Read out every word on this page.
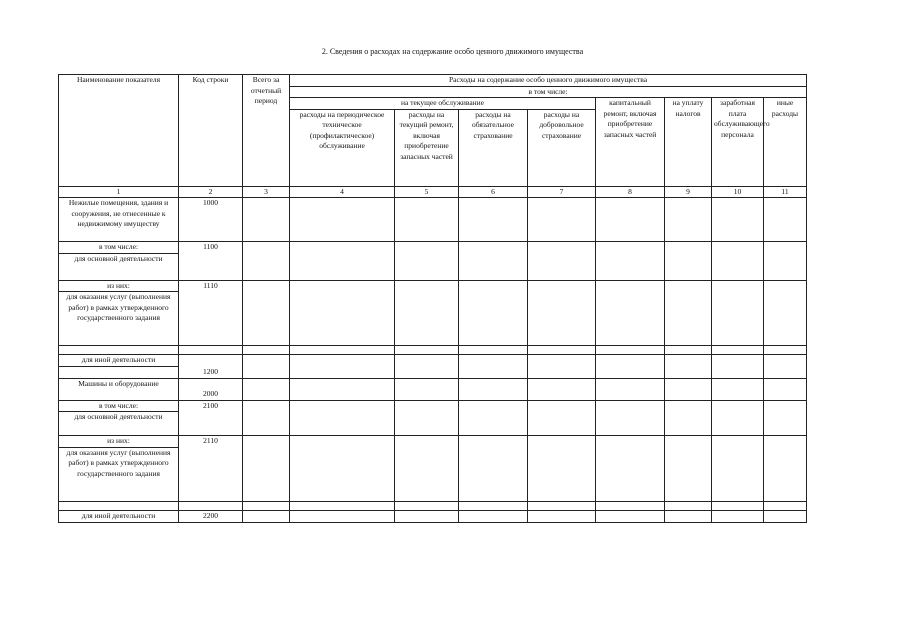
2. Сведения о расходах на содержание особо ценного движимого имущества
Наименование показателя	Код строки	Всего за отчетный период	Расходы на содержание особо ценного движимого имущества							
			в том числе:							
			на текущее обслуживание				капитальный ремонт, включая приобретение запасных частей	на уплату налогов	заработная плата обслуживающего персонала	иные расходы
			расходы на периодическое техническое (профилактическое) обслуживание	расходы на текущий ремонт, включая приобретение запасных частей	расходы на обязательное страхование	расходы на добровольное страхование				
1	2	3	4	5	6	7	8	9	10	11
Нежилые помещения, здания и сооружения, не отнесенные к недвижимому имуществу	1000									
в том числе:	1100									
для основной деятельности										
из них:	1110									
для оказания услуг (выполнения работ) в рамках утвержденного государственного задания										

для иной деятельности	1200									

Машины и оборудование	2000									
в том числе:	2100									
для основной деятельности										
из них:	2110									
для оказания услуг (выполнения работ) в рамках утвержденного государственного задания										

для иной деятельности	2200									
